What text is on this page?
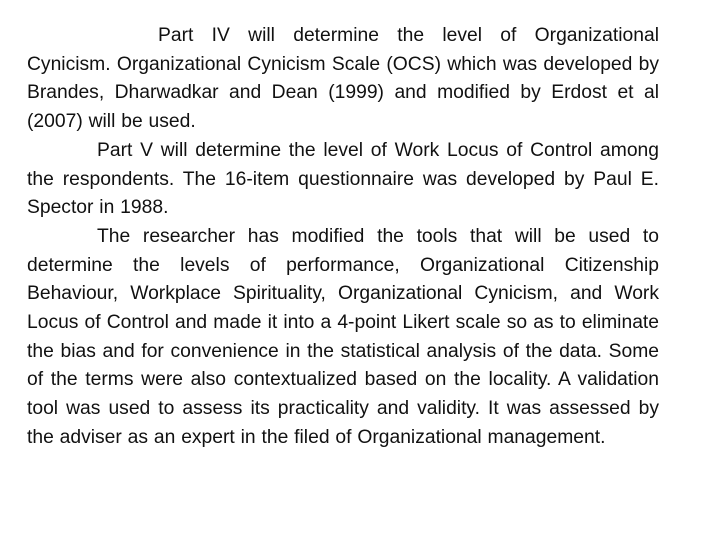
Part IV will determine the level of Organizational Cynicism. Organizational Cynicism Scale (OCS) which was developed by Brandes, Dharwadkar and Dean (1999) and modified by Erdost et al (2007) will be used.

Part V will determine the level of Work Locus of Control among the respondents. The 16-item questionnaire was developed by Paul E. Spector in 1988.

The researcher has modified the tools that will be used to determine the levels of performance, Organizational Citizenship Behaviour, Workplace Spirituality, Organizational Cynicism, and Work Locus of Control and made it into a 4-point Likert scale so as to eliminate the bias and for convenience in the statistical analysis of the data. Some of the terms were also contextualized based on the locality. A validation tool was used to assess its practicality and validity. It was assessed by the adviser as an expert in the filed of Organizational management.
